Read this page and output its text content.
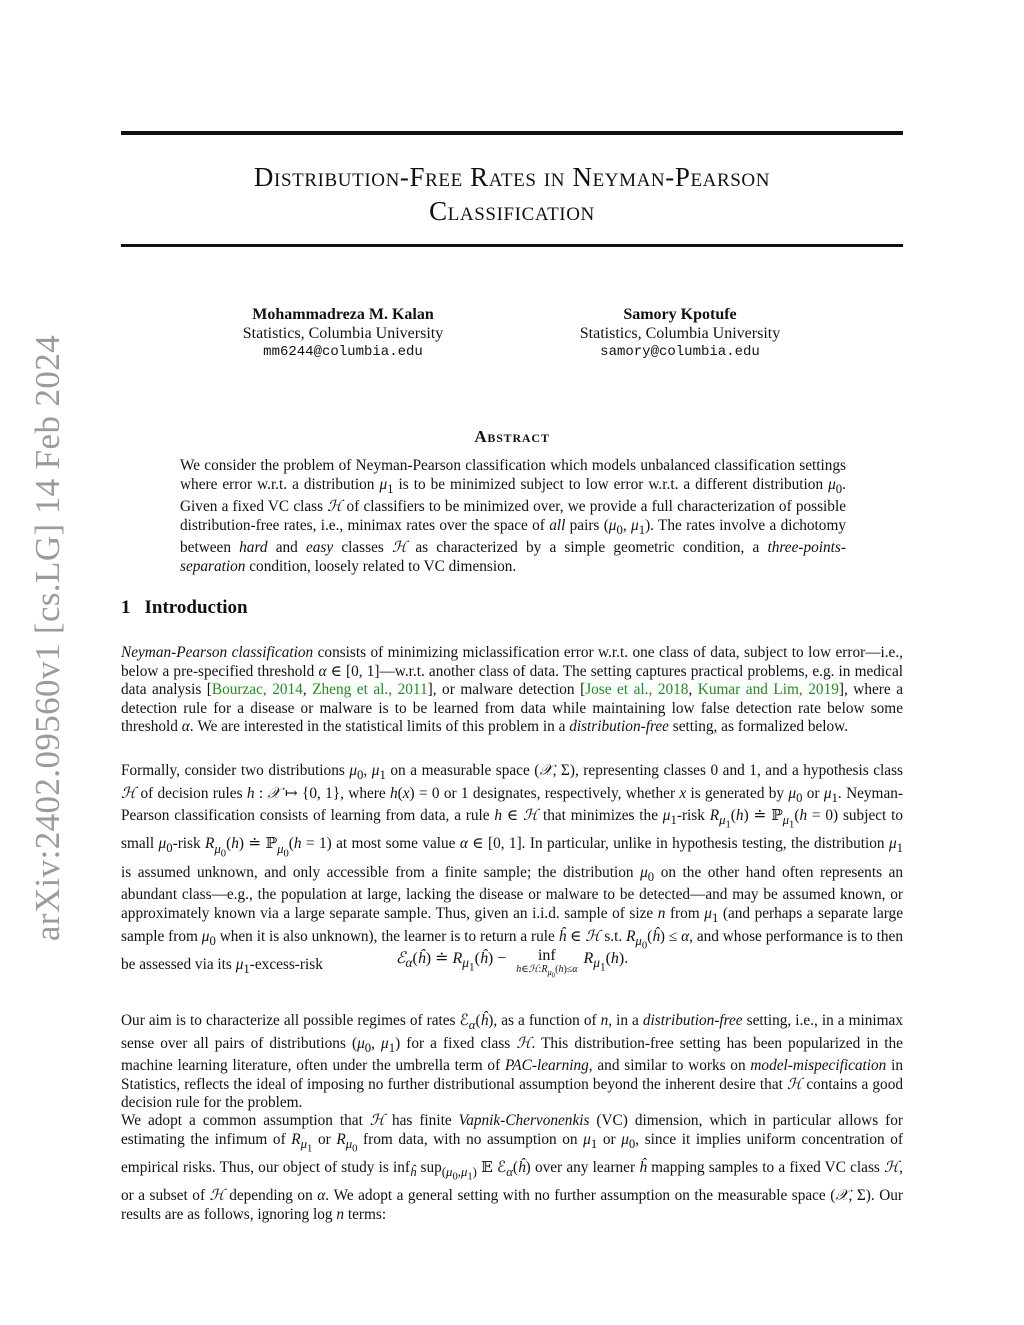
arXiv:2402.09560v1 [cs.LG] 14 Feb 2024
Distribution-Free Rates in Neyman-Pearson
Classification
Mohammadreza M. Kalan
Statistics, Columbia University
mm6244@columbia.edu
Samory Kpotufe
Statistics, Columbia University
samory@columbia.edu
Abstract

We consider the problem of Neyman-Pearson classification which models unbalanced classification settings where error w.r.t. a distribution $\mu_1$ is to be minimized subject to low error w.r.t. a different distribution $\mu_0$. Given a fixed VC class ℋ of classifiers to be minimized over, we provide a full characterization of possible distribution-free rates, i.e., minimax rates over the space of all pairs ($\mu_0$, $\mu_1$). The rates involve a dichotomy between hard and easy classes ℋ as characterized by a simple geometric condition, a three-points-separation condition, loosely related to VC dimension.

1 Introduction

Neyman-Pearson classification consists of minimizing miclassification error w.r.t. one class of data, subject to low error—i.e., below a pre-specified threshold α ∈ [0, 1]—w.r.t. another class of data. The setting captures practical problems, e.g. in medical data analysis [Bourzac, 2014, Zheng et al., 2011], or malware detection [Jose et al., 2018, Kumar and Lim, 2019], where a detection rule for a disease or malware is to be learned from data while maintaining low false detection rate below some threshold α. We are interested in the statistical limits of this problem in a distribution-free setting, as formalized below.

Formally, consider two distributions $\mu_0$, $\mu_1$ on a measurable space (𝒳, Σ), representing classes 0 and 1, and a hypothesis class ℋ of decision rules h : 𝒳 ↦ {0, 1}, where h(x) = 0 or 1 designates, respectively, whether x is generated by $\mu_0$ or $\mu_1$. Neyman-Pearson classification consists of learning from data, a rule h ∈ ℋ that minimizes the $\mu_1$-risk $R_{\mu_1}(h)$ ≐ ℙ$_{\mu_1}$(h = 0) subject to small $\mu_0$-risk $R_{\mu_0}(h)$ ≐ ℙ$_{\mu_0}$(h = 1) at most some value α ∈ [0, 1]. In particular, unlike in hypothesis testing, the distribution $\mu_1$ is assumed unknown, and only accessible from a finite sample; the distribution $\mu_0$ on the other hand often represents an abundant class—e.g., the population at large, lacking the disease or malware to be detected—and may be assumed known, or approximately known via a large separate sample. Thus, given an i.i.d. sample of size n from $\mu_1$ (and perhaps a separate large sample from $\mu_0$ when it is also unknown), the learner is to return a rule ĥ ∈ ℋ s.t. $R_{\mu_0}(ĥ) \le \alpha$, and whose performance is to then be assessed via its $\mu_1-excess$-risk	ℰ$_\alpha$(ĥ) ≐ $R_{\mu_1}(ĥ)$ − inf
$h\in ℋ:R_{\mu_0}(h)\le\alpha$
$R_{\mu_1}(h)$.

Our aim is to characterize all possible regimes of rates ℰ$_\alpha$(ĥ), as a function of n, in a distribution-free setting, i.e., in a minimax sense over all pairs of distributions ($\mu_0$, $\mu_1$) for a fixed class ℋ. This distribution-free setting has been popularized in the machine learning literature, often under the umbrella term of PAC-learning, and similar to works on model-mispecification in Statistics, reflects the ideal of imposing no further distributional assumption beyond the inherent desire that ℋ contains a good decision rule for the problem.

We adopt a common assumption that ℋ has finite Vapnik-Chervonenkis (VC) dimension, which in particular allows for estimating the infimum of $R_{\mu_1}$ or $R_{\mu_0}$ from data, with no assumption on $\mu_1$ or $\mu_0$, since it implies uniform concentration of empirical risks. Thus, our object of study is inf$_ĥ$ sup$_{(\mu_0,\mu_1)}$ 𝔼 ℰ$_\alpha$(ĥ) over any learner ĥ mapping samples to a fixed VC class ℋ, or a subset of ℋ depending on α. We adopt a general setting with no further assumption on the measurable space (𝒳, Σ). Our results are as follows, ignoring log n terms:
